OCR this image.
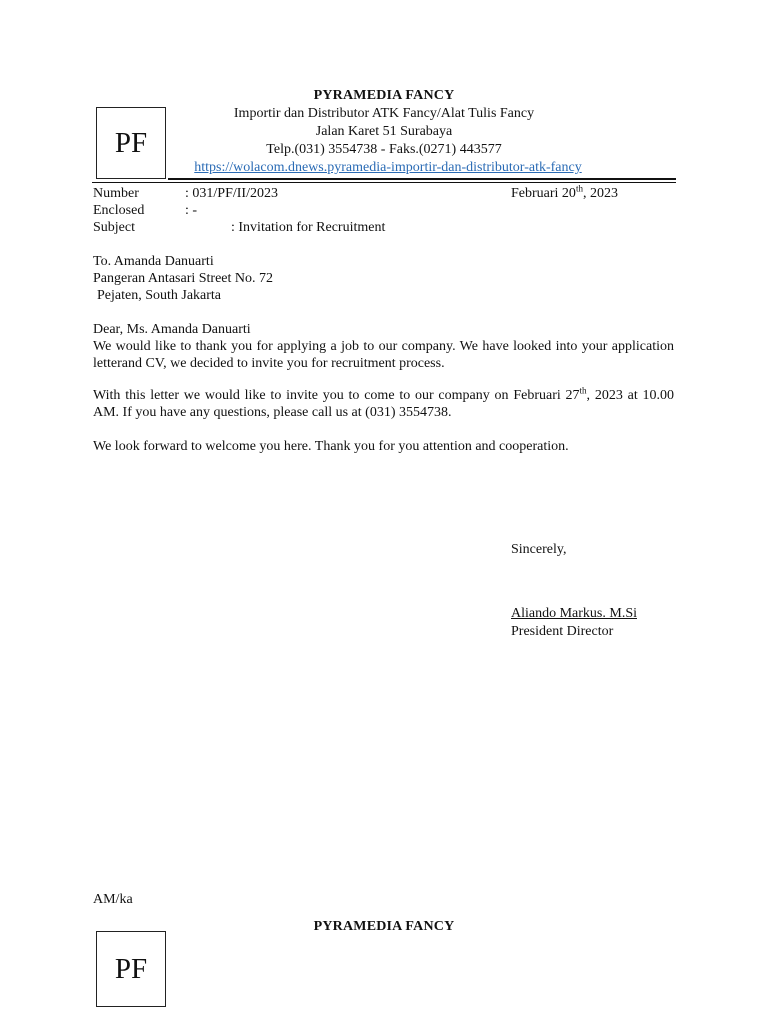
PF
PYRAMEDIA FANCY
Importir dan Distributor ATK Fancy/Alat Tulis Fancy
Jalan Karet 51 Surabaya
Telp.(031) 3554738 - Faks.(0271) 443577
https://wolacom.dnews.pyramedia-importir-dan-distributor-atk-fancy
Number	: 031/PF/II/2023	Februari 20th, 2023
Enclosed	: -
Subject	: Invitation for Recruitment
To. Amanda Danuarti
Pangeran Antasari Street No. 72
Pejaten, South Jakarta
Dear, Ms. Amanda Danuarti
We would like to thank you for applying a job to our company. We have looked into your application letterand CV, we decided to invite you for recruitment process.
With this letter we would like to invite you to come to our company on Februari 27th, 2023 at 10.00 AM. If you have any questions, please call us at (031) 3554738.
We look forward to welcome you here. Thank you for you attention and cooperation.
Sincerely,
Aliando Markus. M.Si
President Director
AM/ka
PYRAMEDIA FANCY
PF
